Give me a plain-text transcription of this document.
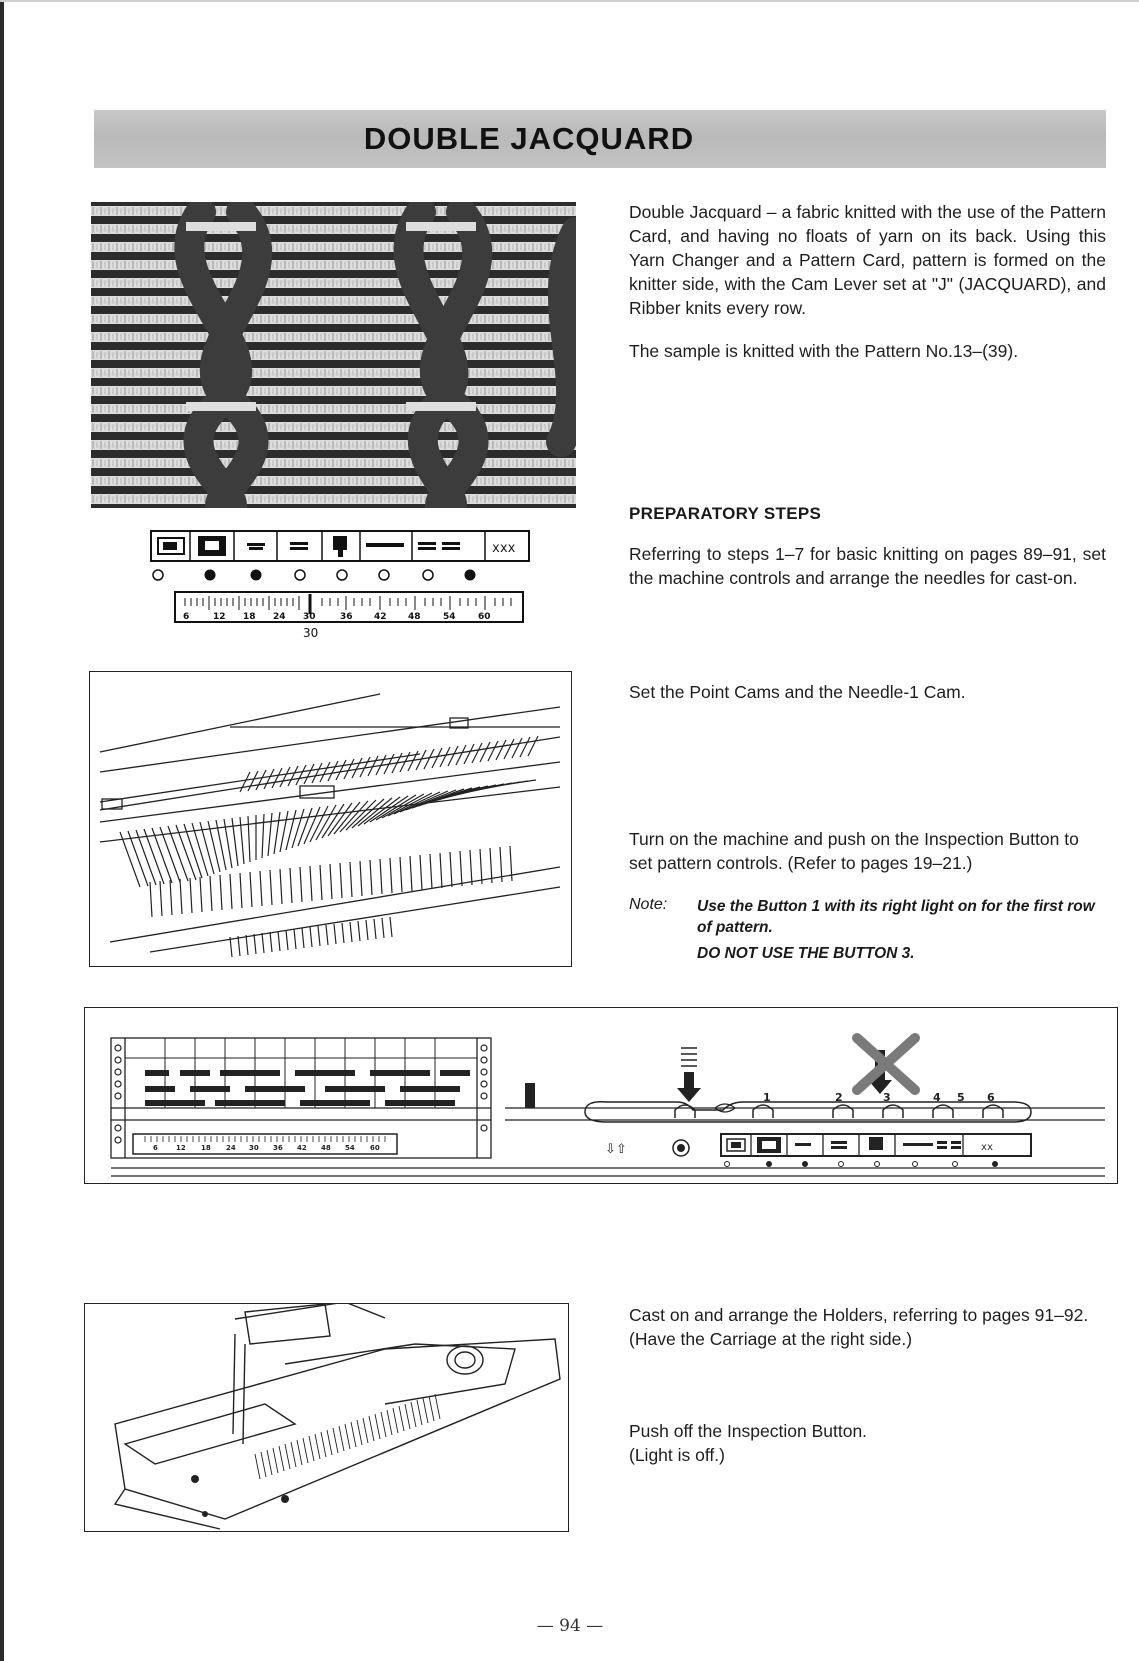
DOUBLE JACQUARD
xxx
6	12 18 24 30	36 42 48 54 60
30
6	12 18 24 30 36 42 48 54 60
1	2	3	4 5 6
⇩⇧	xx
Double Jacquard – a fabric knitted with the use of the Pattern Card, and having no floats of yarn on its back. Using this Yarn Changer and a Pattern Card, pattern is formed on the knitter side, with the Cam Lever set at "J" (JACQUARD), and Ribber knits every row.
The sample is knitted with the Pattern No.13–(39).
PREPARATORY STEPS
Referring to steps 1–7 for basic knitting on pages 89–91, set the machine controls and arrange the needles for cast-on.
Set the Point Cams and the Needle-1 Cam.
Turn on the machine and push on the Inspection Button to set pattern controls. (Refer to pages 19–21.)
Note:	Use the Button 1 with its right light on for the first row of pattern.
DO NOT USE THE BUTTON 3.
Cast on and arrange the Holders, referring to pages 91–92. (Have the Carriage at the right side.)
Push off the Inspection Button.
(Light is off.)
— 94 —
